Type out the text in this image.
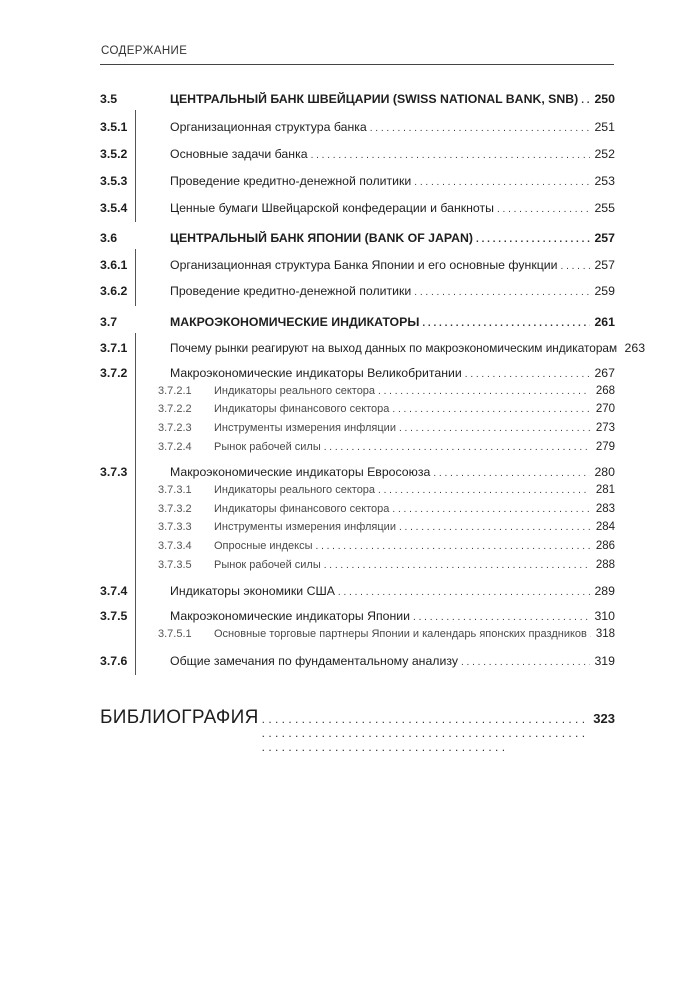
СОДЕРЖАНИЕ
3.5	ЦЕНТРАЛЬНЫЙ БАНК ШВЕЙЦАРИИ (SWISS NATIONAL BANK, SNB) . . . 250
3.5.1	Организационная структура банка . . .	251
3.5.2	Основные задачи банка . . .	252
3.5.3	Проведение кредитно-денежной политики . . .	253
3.5.4	Ценные бумаги Швейцарской конфедерации и банкноты . . .	255
3.6	ЦЕНТРАЛЬНЫЙ БАНК ЯПОНИИ (BANK OF JAPAN) . . .	257
3.6.1	Организационная структура Банка Японии и его основные функции . . .	257
3.6.2	Проведение кредитно-денежной политики . . .	259
3.7	МАКРОЭКОНОМИЧЕСКИЕ ИНДИКАТОРЫ . . .	261
3.7.1	Почему рынки реагируют на выход данных по макроэкономическим индикаторам 263
3.7.2	Макроэкономические индикаторы Великобритании . . .	267
3.7.2.1	Индикаторы реального сектора . . .	268
3.7.2.2	Индикаторы финансового сектора . . .	270
3.7.2.3	Инструменты измерения инфляции . . .	273
3.7.2.4	Рынок рабочей силы . . .	279
3.7.3	Макроэкономические индикаторы Евросоюза . . .	280
3.7.3.1	Индикаторы реального сектора . . .	281
3.7.3.2	Индикаторы финансового сектора . . .	283
3.7.3.3	Инструменты измерения инфляции . . .	284
3.7.3.4	Опросные индексы . . .	286
3.7.3.5	Рынок рабочей силы . . .	288
3.7.4	Индикаторы экономики США . . .	289
3.7.5	Макроэкономические индикаторы Японии . . .	310
3.7.5.1	Основные торговые партнеры Японии и календарь японских праздников . . . 318
3.7.6	Общие замечания по фундаментальному анализу . . .	319
БИБЛИОГРАФИЯ . . .	323
